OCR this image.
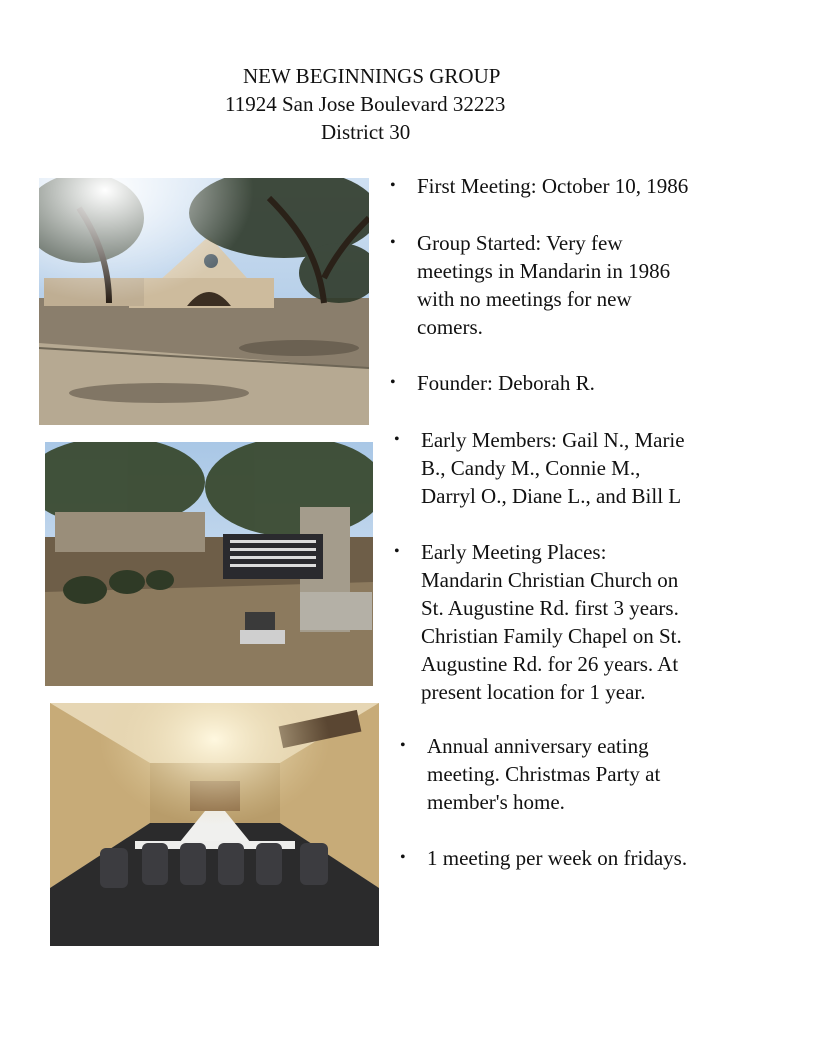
NEW BEGINNINGS GROUP
11924 San Jose Boulevard 32223
District 30
• First Meeting: October 10, 1986
• Group Started: Very few
meetings in Mandarin in 1986
with no meetings for new
comers.
• Founder: Deborah R.
• Early Members: Gail N., Marie
B., Candy M., Connie M.,
Darryl O., Diane L., and Bill L
• Early Meeting Places:
Mandarin Christian Church on
St. Augustine Rd. first 3 years.
Christian Family Chapel on St.
Augustine Rd. for 26 years. At
present location for 1 year.
• Annual anniversary eating
meeting. Christmas Party at
member's home.
• 1 meeting per week on fridays.
